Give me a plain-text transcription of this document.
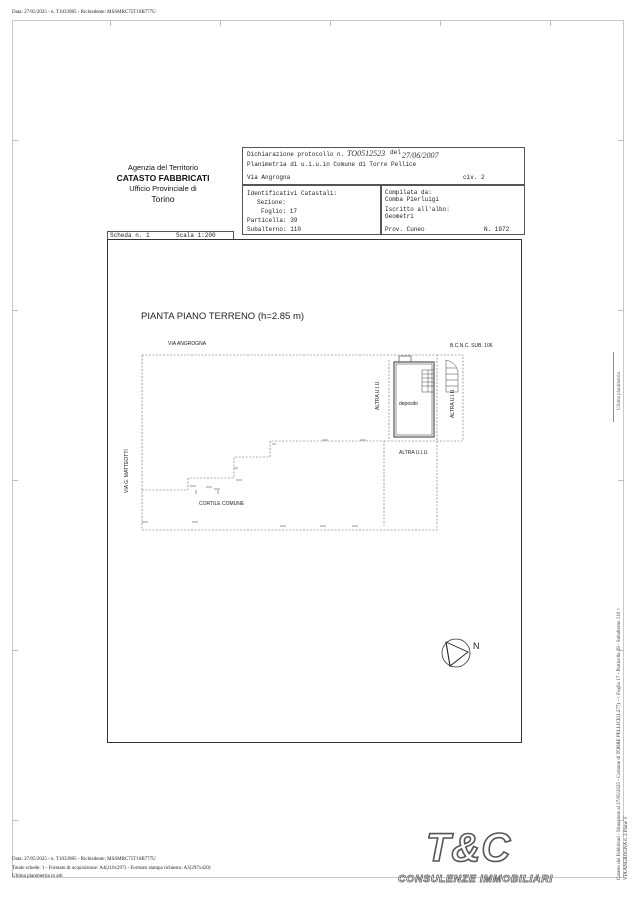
Data: 27/05/2025 - n. T1033985 - Richiedente: MSSMRC75T10B777U
Agenzia del Territorio
CATASTO FABBRICATI
Ufficio Provinciale di
Torino
Dichiarazione protocollo n. TO0512523 del 27/06/2007
Planimetria di u.i.u.in Comune di Torre Pellice
Via Angrogna	civ. 2
Identificativi Catastali:
Sezione:
Foglio: 17
Particella: 39
Subalterno: 110
Compilata da:
Comba Pierluigi
Iscritto all'albo:
Geometri
Prov. Cuneo	N. 1972
Scheda n. 1	Scala 1:200
PIANTA PIANO TERRENO (h=2.85 m)
VIA ANGROGNA	B.C.N.C. SUB. 106
ALTRA U.I.U.	ALTRA U.I.U.
deposito
ALTRA U.I.U.
VIA G. MATTEOTTI
CORTILE COMUNE
N
Ultima planimetria
Catasto dei Fabbricati - Situazione al 27/05/2025 - Comune di TORRE PELLICE(L277) - < Foglio 17 - Particella 39 - Subalterno 110 > VIA ANGROGNA n. 2 Piano T
Data: 27/05/2025 - n. T1033985 - Richiedente: MSSMRC75T10B777U
Totale schede: 1 - Formato di acquisizione: A4(210x297) - Formato stampa richiesto: A3(297x420)
Ultima planimetria in atti
T&C
CONSULENZE IMMOBILIARI
